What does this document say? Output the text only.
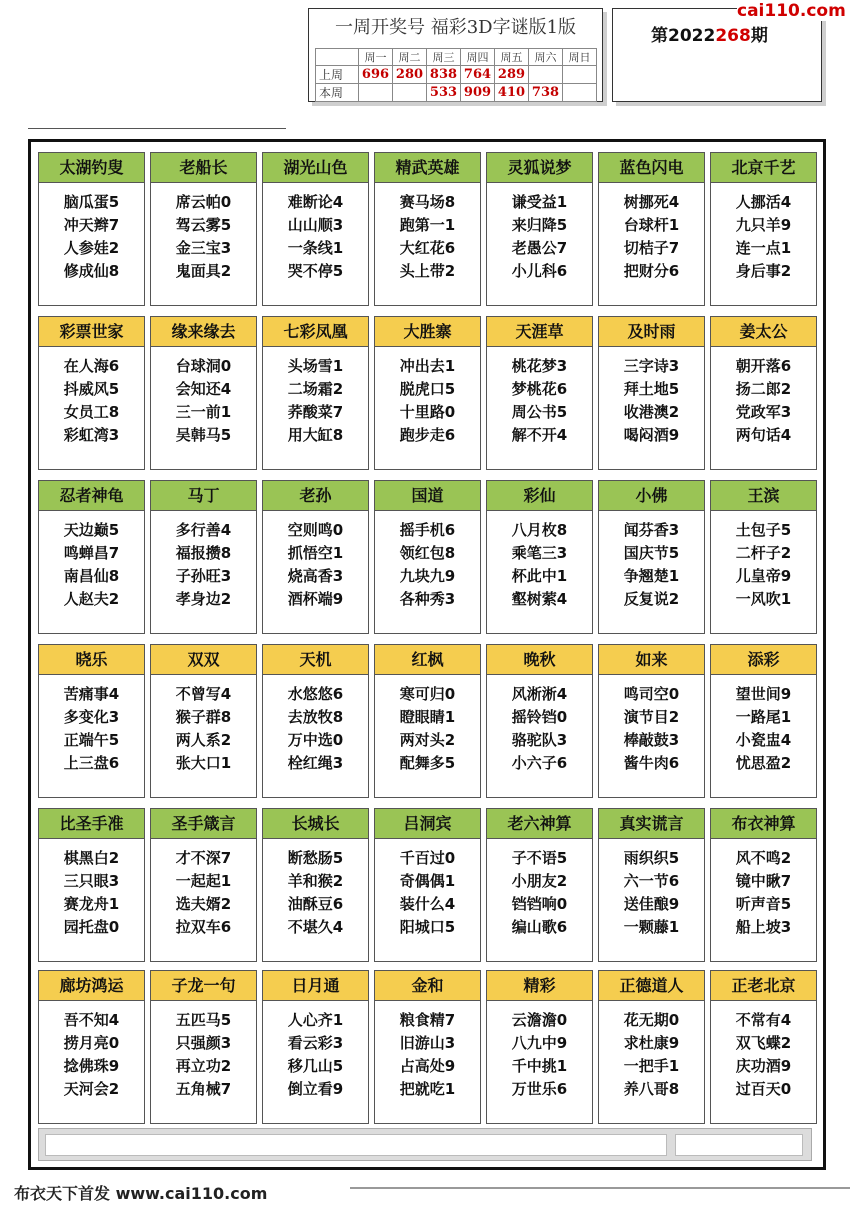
一周开奖号 福彩3D字谜版1版
	周一	周二	周三	周四	周五	周六	周日
上周	696	280	838	764	289		
本周			533	909	410	738	
第2022268期
cai110.com
太湖钓叟
脑瓜蛋5
冲天辫7
人参娃2
修成仙8
老船长
席云帕0
驾云雾5
金三宝3
鬼面具2
湖光山色
难断论4
山山顺3
一条线1
哭不停5
精武英雄
赛马场8
跑第一1
大红花6
头上带2
灵狐说梦
谦受益1
来归降5
老愚公7
小儿科6
蓝色闪电
树挪死4
台球杆1
切桔子7
把财分6
北京千艺
人挪活4
九只羊9
连一点1
身后事2
彩票世家
在人海6
抖威风5
女员工8
彩虹湾3
缘来缘去
台球洞0
会知还4
三一前1
吴韩马5
七彩凤凰
头场雪1
二场霜2
荞酸菜7
用大缸8
大胜寨
冲出去1
脱虎口5
十里路0
跑步走6
天涯草
桃花梦3
梦桃花6
周公书5
解不开4
及时雨
三字诗3
拜土地5
收港澳2
喝闷酒9
姜太公
朝开落6
扬二郎2
党政军3
两句话4
忍者神龟
天边巅5
鸣蝉昌7
南昌仙8
人赵夫2
马丁
多行善4
福报攒8
子孙旺3
孝身边2
老孙
空则鸣0
抓悟空1
烧高香3
酒杯端9
国道
摇手机6
领红包8
九块九9
各种秀3
彩仙
八月枚8
乘笔三3
杯此中1
壑树萦4
小佛
闻芬香3
国庆节5
争翘楚1
反复说2
王滨
土包子5
二杆子2
儿皇帝9
一风吹1
晓乐
苦痛事4
多变化3
正端午5
上三盘6
双双
不曾写4
猴子群8
两人系2
张大口1
天机
水悠悠6
去放牧8
万中选0
栓红绳3
红枫
寒可归0
瞪眼睛1
两对头2
配舞多5
晚秋
风淅淅4
摇铃铛0
骆驼队3
小六子6
如来
鸣司空0
演节目2
棒敲鼓3
酱牛肉6
添彩
望世间9
一路尾1
小瓷盅4
忧思盈2
比圣手准
棋黑白2
三只眼3
赛龙舟1
园托盘0
圣手箴言
才不深7
一起起1
选夫婿2
拉双车6
长城长
断愁肠5
羊和猴2
油酥豆6
不堪久4
吕洞宾
千百过0
奇偶偶1
装什么4
阳城口5
老六神算
子不语5
小朋友2
铛铛响0
编山歌6
真实谎言
雨织织5
六一节6
送佳酿9
一颗藤1
布衣神算
风不鸣2
镜中瞅7
听声音5
船上坡3
廊坊鸿运
吾不知4
捞月亮0
捻佛珠9
天河会2
子龙一句
五匹马5
只强颜3
再立功2
五角械7
日月通
人心齐1
看云彩3
移几山5
倒立看9
金和
粮食精7
旧游山3
占高处9
把就吃1
精彩
云澹澹0
八九中9
千中挑1
万世乐6
正德道人
花无期0
求杜康9
一把手1
养八哥8
正老北京
不常有4
双飞蝶2
庆功酒9
过百天0
布衣天下首发 www.cai110.com
